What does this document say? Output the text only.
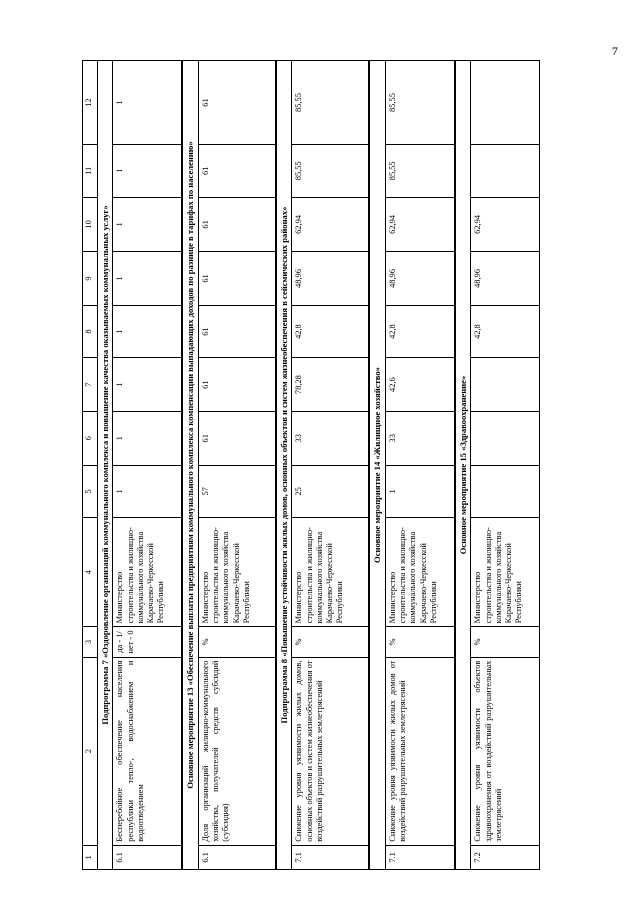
7
1	2	3	4	5	6	7	8	9	10	11	12
Подпрограмма 7 «Оздоровление организаций коммунального комплекса и повышение качества оказываемых коммунальных услуг»											
6.1	Бесперебойное обеспечение населения республики тепло-, водоснабжением и водоотведением	да - 1/нет - 0	Министерство строительства и жилищно-коммунального хозяйства Карачаево-Черкесской Республики	1	1	1	1	1	1	1	1
Основное мероприятие 13 «Обеспечение выплаты предприятиям коммунального комплекса компенсации выпадающих доходов по разнице в тарифах по населению»											
6.1	Доля организаций жилищно-коммунального хозяйства, получателей средств субсидий (субсидия)	%	Министерство строительства и жилищно-коммунального хозяйства Карачаево-Черкесской Республики	57	61	61	61	61	61	61	61
Подпрограмма 8 «Повышение устойчивости жилых домов, основных объектов и систем жизнеобеспечения в сейсмических районах»											
7.1	Снижение уровня уязвимости жилых домов, основных объектов и систем жизнеобеспечения от воздействий разрушительных землетрясений	%	Министерство строительства и жилищно-коммунального хозяйства Карачаево-Черкесской Республики	25	33	78,28	42,8	48,96	62,94	85,55	85,55
Основное мероприятие 14 «Жилищное хозяйство»											
7.1	Снижение уровня уязвимости жилых домов от воздействий разрушительных землетрясений	%	Министерство строительства и жилищно-коммунального хозяйства Карачаево-Черкесской Республики	1	33	42,6	42,8	48,96	62,94	85,55	85,55
Основное мероприятие 15 «Здравоохранение»											
7.2	Снижение уровня уязвимости объектов здравоохранения от воздействий разрушительных землетрясений	%	Министерство строительства и жилищно-коммунального хозяйства Карачаево-Черкесской Республики				42,8	48,96	62,94		
